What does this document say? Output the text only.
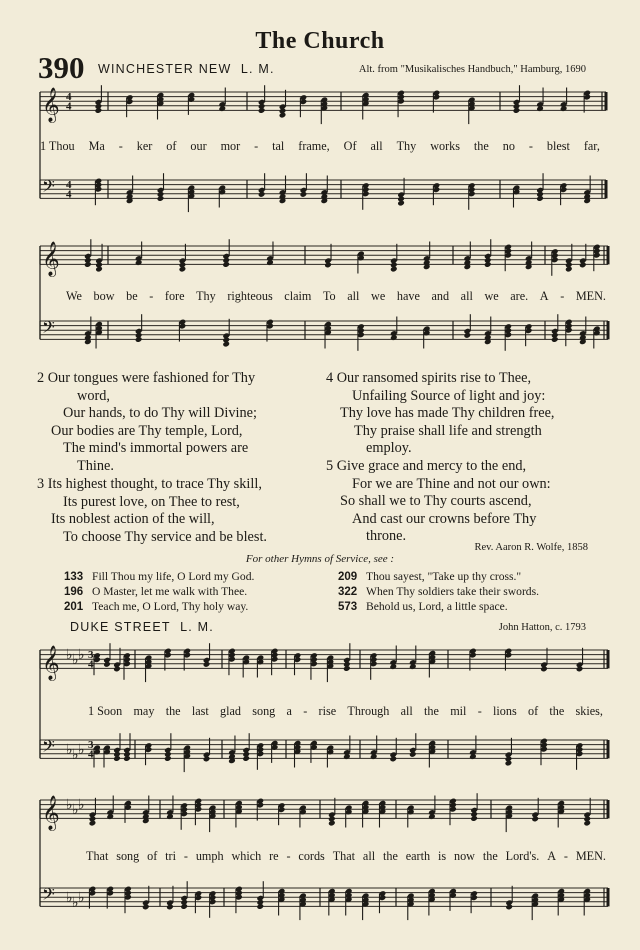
The Church
390 WINCHESTER NEW L. M.	Alt. from "Musikalisches Handbuch," Hamburg, 1690
𝄞 4
4
𝄢 4
4
𝄞
𝄢
𝄞 ♭ ♭ ♭ 3
4
𝄢 ♭ ♭ ♭ 3
4
𝄞 ♭ ♭ ♭
𝄢 ♭ ♭ ♭
1 Thou Ma - ker of our mor - tal frame, Of all Thy works the no - blest far,
We bow be - fore Thy righteous claim To all we have and all we are. A - MEN.
2 Our tongues were fashioned for Thy
word,
Our hands, to do Thy will Divine;
Our bodies are Thy temple, Lord,
The mind's immortal powers are
Thine.
3 Its highest thought, to trace Thy skill,
Its purest love, on Thee to rest,
Its noblest action of the will,
To choose Thy service and be blest.
4 Our ransomed spirits rise to Thee,
Unfailing Source of light and joy:
Thy love has made Thy children free,
Thy praise shall life and strength
employ.
5 Give grace and mercy to the end,
For we are Thine and not our own:
So shall we to Thy courts ascend,
And cast our crowns before Thy
throne.
Rev. Aaron R. Wolfe, 1858
For other Hymns of Service, see :
133 Fill Thou my life, O Lord my God.
196 O Master, let me walk with Thee.
201 Teach me, O Lord, Thy holy way.
209 Thou sayest, "Take up thy cross."
322 When Thy soldiers take their swords.
573 Behold us, Lord, a little space.
DUKE STREET L. M.	John Hatton, c. 1793
1 Soon may the last glad song a - rise Through all the mil - lions of the skies,
That song of tri - umph which re - cords That all the earth is now the Lord's. A - MEN.
